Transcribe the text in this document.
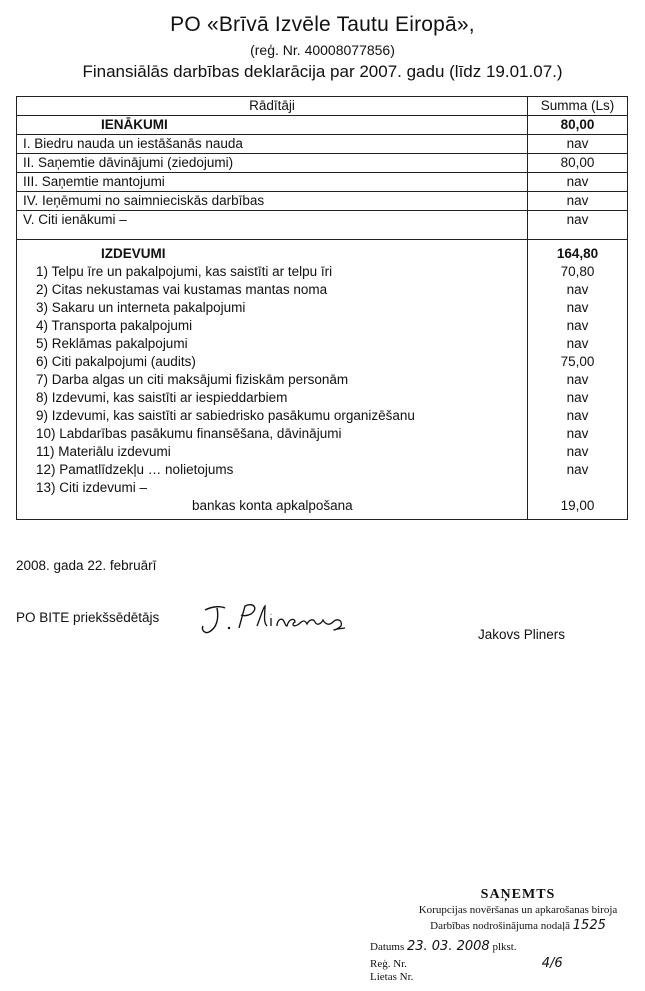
PO «Brīvā Izvēle Tautu Eiropā»,
(reģ. Nr. 40008077856)
Finansiālās darbības deklarācija par 2007. gadu (līdz 19.01.07.)
Rādītāji	Summa (Ls)
IENĀKUMI	80,00
I. Biedru nauda un iestāšanās nauda	nav
II. Saņemtie dāvinājumi (ziedojumi)	80,00
III. Saņemtie mantojumi	nav
IV. Ieņēmumi no saimnieciskās darbības	nav
V. Citi ienākumi –	nav
IZDEVUMI	164,80
1) Telpu īre un pakalpojumi, kas saistīti ar telpu īri	70,80
2) Citas nekustamas vai kustamas mantas noma	nav
3) Sakaru un interneta pakalpojumi	nav
4) Transporta pakalpojumi	nav
5) Reklāmas pakalpojumi	nav
6) Citi pakalpojumi (audits)	75,00
7) Darba algas un citi maksājumi fiziskām personām	nav
8) Izdevumi, kas saistīti ar iespieddarbiem	nav
9) Izdevumi, kas saistīti ar sabiedrisko pasākumu organizēšanu	nav
10) Labdarības pasākumu finansēšana, dāvinājumi	nav
11) Materiālu izdevumi	nav
12) Pamatlīdzekļu … nolietojums	nav
13) Citi izdevumi –
bankas konta apkalpošana	19,00
2008. gada 22. februārī
PO BITE priekšsēdētājs
Jakovs Pliners
SAŅEMTS
Korupcijas novēršanas un apkarošanas biroja
Darbības nodrošinājuma nodaļā 1525
Datums 23. 03. 2008 plkst.
Reģ. Nr.	4/6
Lietas Nr.
